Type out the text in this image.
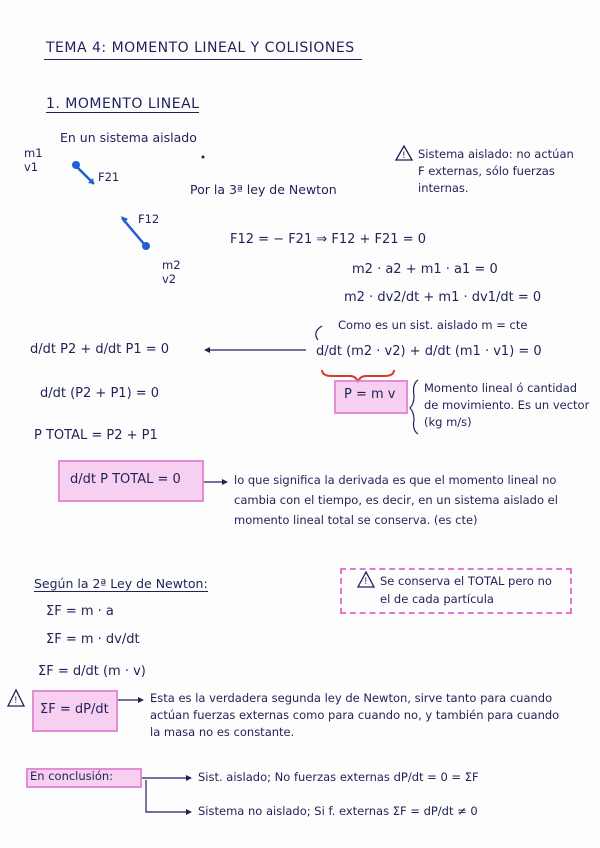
TEMA 4: MOMENTO LINEAL Y COLISIONES
1. MOMENTO LINEAL
!
!
!
m1
v1
F21
F12
m2
v2
En un sistema aislado
Sistema aislado: no actúan F externas, sólo fuerzas internas.
Por la 3ª ley de Newton
F12 = − F21 ⇒ F12 + F21 = 0
m2 · a2 + m1 · a1 = 0
m2 · dv2/dt + m1 · dv1/dt = 0
Como es un sist. aislado m = cte
d/dt (m2 · v2) + d/dt (m1 · v1) = 0
P = m v Momento lineal ó cantidad de movimiento. Es un vector (kg m/s)
d/dt P2 + d/dt P1 = 0
d/dt (P2 + P1) = 0
P TOTAL = P2 + P1
d/dt P TOTAL = 0	lo que significa la derivada es que el momento lineal no cambia con el tiempo, es decir, en un sistema aislado el momento lineal total se conserva. (es cte)
Según la 2ª Ley de Newton:
ΣF = m · a
ΣF = m · dv/dt
ΣF = d/dt (m · v)
Se conserva el TOTAL pero no el de cada partícula
ΣF = dP/dt
Esta es la verdadera segunda ley de Newton, sirve tanto para cuando actúan fuerzas externas como para cuando no, y también para cuando la masa no es constante.
En conclusión:	Sist. aislado; No fuerzas externas dP/dt = 0 = ΣF
Sistema no aislado; Si f. externas ΣF = dP/dt ≠ 0
